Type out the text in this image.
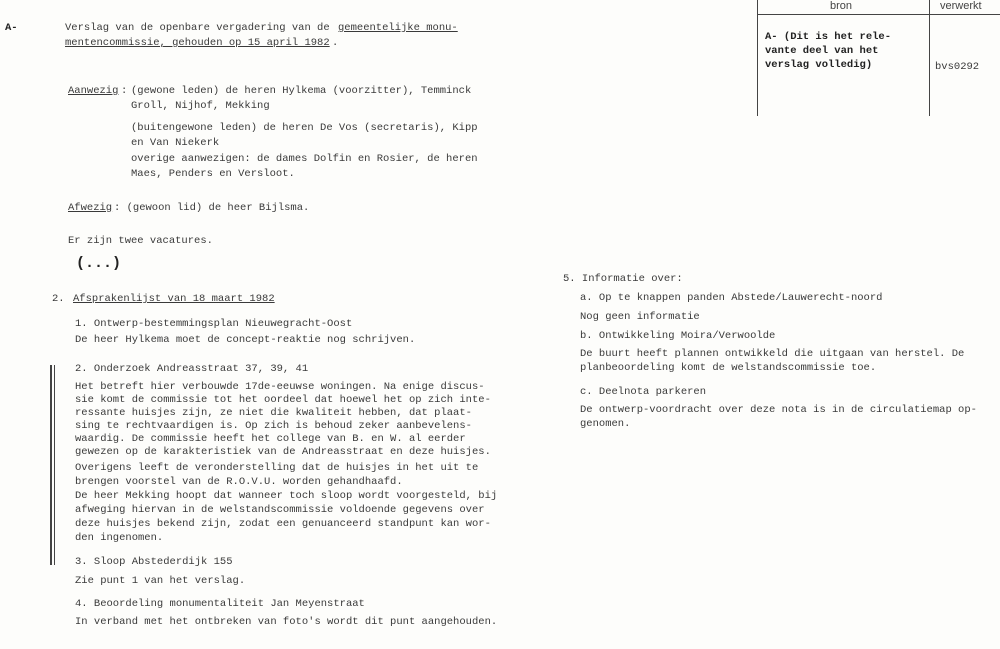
A-	Verslag van de openbare vergadering van de gemeentelijke monu-
mentencommissie, gehouden op 15 april 1982 .
bron	verwerkt
A- (Dit is het rele-
vante deel van het
verslag volledig)	bvs0292
Aanwezig : (gewone leden) de heren Hylkema (voorzitter), Temminck
Groll, Nijhof, Mekking
(buitengewone leden) de heren De Vos (secretaris), Kipp
en Van Niekerk
overige aanwezigen: de dames Dolfin en Rosier, de heren
Maes, Penders en Versloot.
Afwezig : (gewoon lid) de heer Bijlsma.
Er zijn twee vacatures.
(...)
2. Afsprakenlijst van 18 maart 1982
1. Ontwerp-bestemmingsplan Nieuwegracht-Oost
De heer Hylkema moet de concept-reaktie nog schrijven.
2. Onderzoek Andreasstraat 37, 39, 41
Het betreft hier verbouwde 17de-eeuwse woningen. Na enige discus-
sie komt de commissie tot het oordeel dat hoewel het op zich inte-
ressante huisjes zijn, ze niet die kwaliteit hebben, dat plaat-
sing te rechtvaardigen is. Op zich is behoud zeker aanbevelens-
waardig. De commissie heeft het college van B. en W. al eerder
gewezen op de karakteristiek van de Andreasstraat en deze huisjes.
Overigens leeft de veronderstelling dat de huisjes in het uit te
brengen voorstel van de R.O.V.U. worden gehandhaafd.
De heer Mekking hoopt dat wanneer toch sloop wordt voorgesteld, bij
afweging hiervan in de welstandscommissie voldoende gegevens over
deze huisjes bekend zijn, zodat een genuanceerd standpunt kan wor-
den ingenomen.
3. Sloop Abstederdijk 155
Zie punt 1 van het verslag.
4. Beoordeling monumentaliteit Jan Meyenstraat
In verband met het ontbreken van foto's wordt dit punt aangehouden.
5. Informatie over:
a. Op te knappen panden Abstede/Lauwerecht-noord
Nog geen informatie
b. Ontwikkeling Moira/Verwoolde
De buurt heeft plannen ontwikkeld die uitgaan van herstel. De
planbeoordeling komt de welstandscommissie toe.
c. Deelnota parkeren
De ontwerp-voordracht over deze nota is in de circulatiemap op-
genomen.
